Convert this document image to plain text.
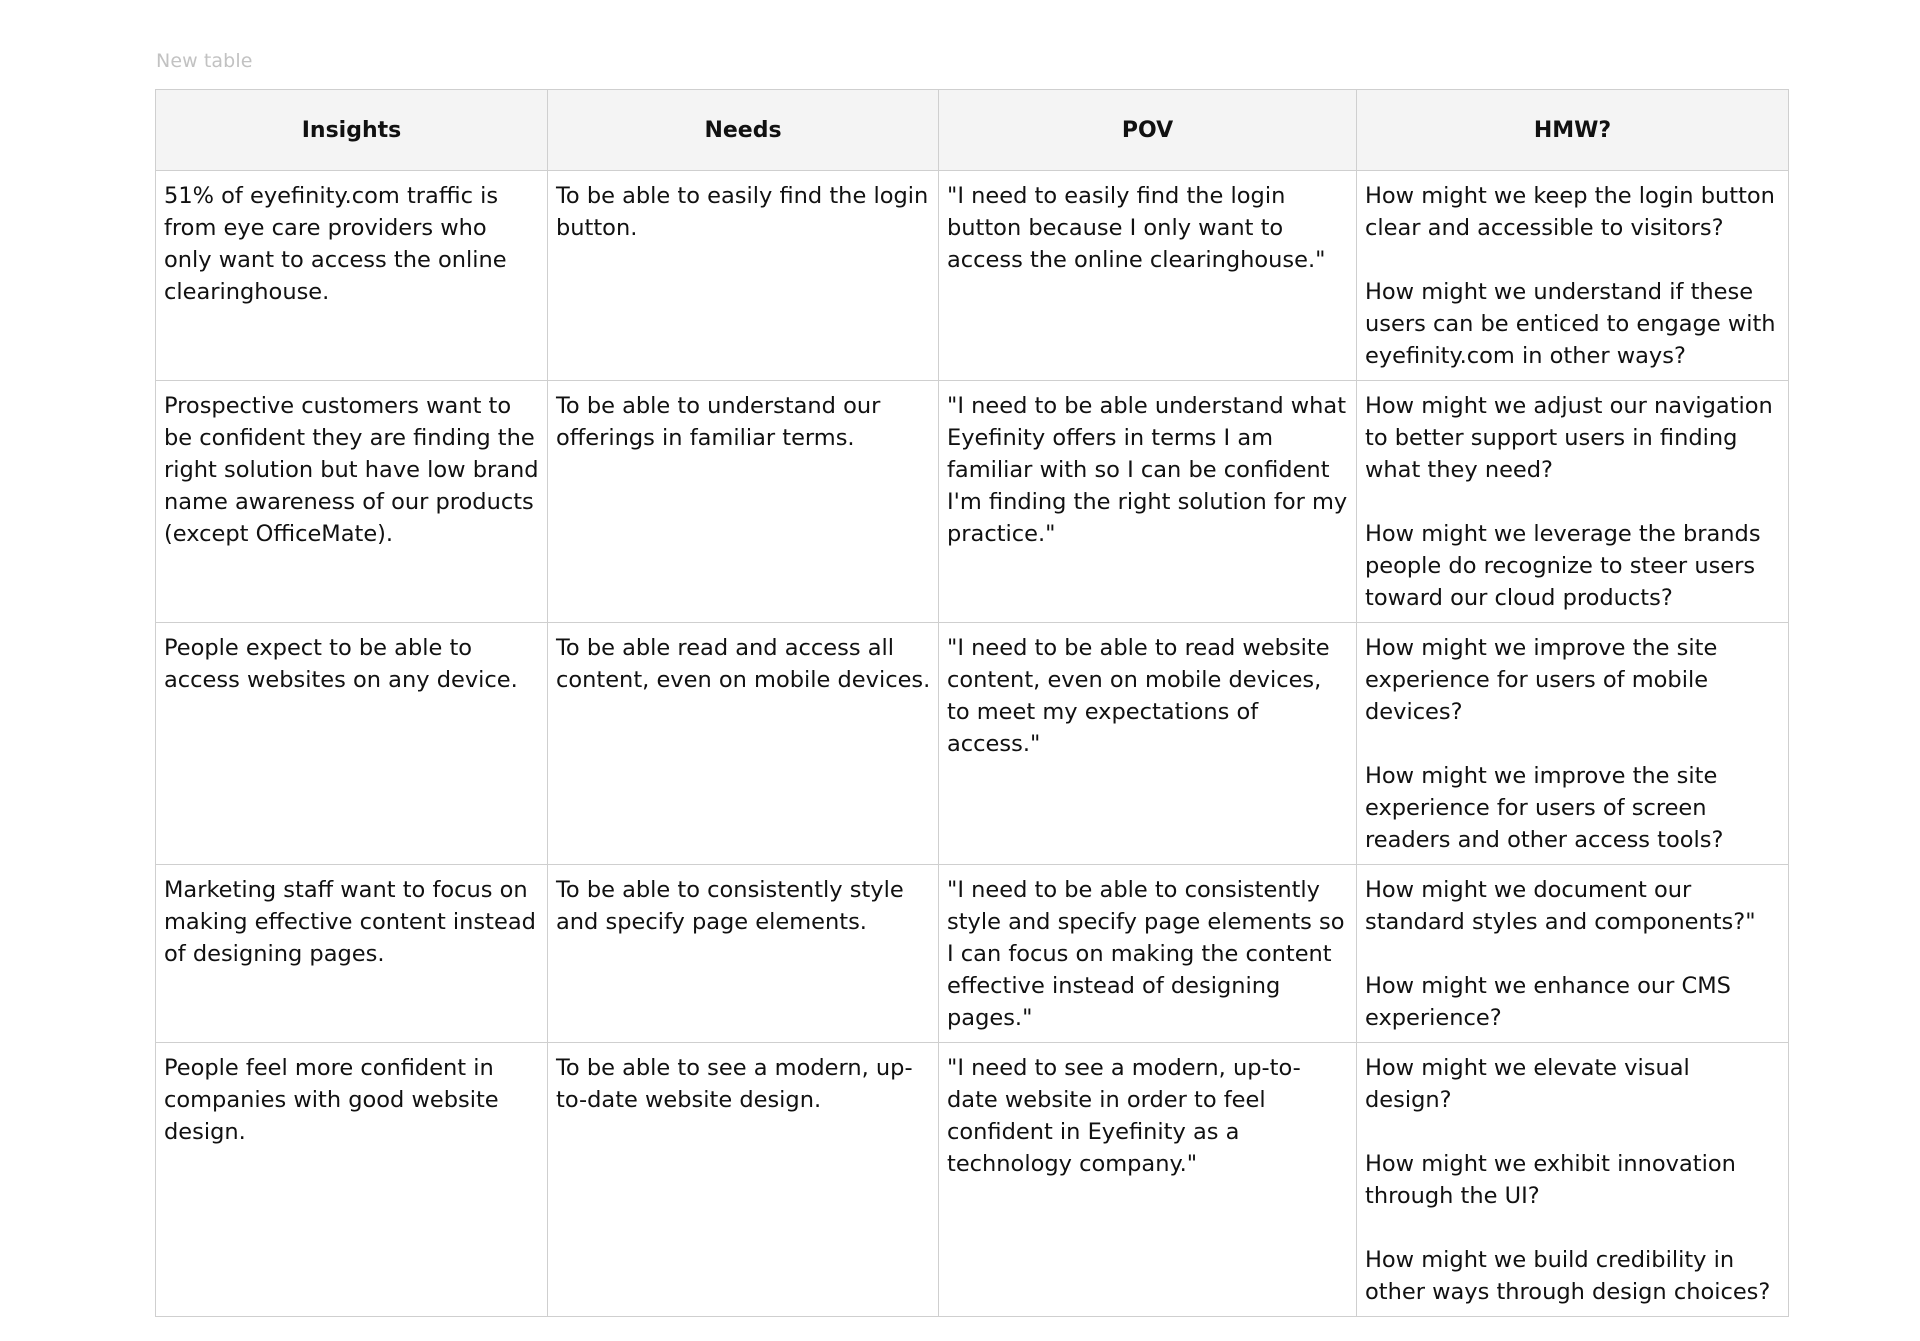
New table
Insights	Needs	POV	HMW?
51% of eyefinity.com traffic is from eye care providers who only want to access the online clearinghouse.	To be able to easily find the login button.	"I need to easily find the login button because I only want to access the online clearinghouse."	How might we keep the login button clear and accessible to visitors?

How might we understand if these users can be enticed to engage with eyefinity.com in other ways?

Prospective customers want to be confident they are finding the right solution but have low brand name awareness of our products (except OfficeMate).	To be able to understand our offerings in familiar terms.	"I need to be able understand what Eyefinity offers in terms I am familiar with so I can be confident I'm finding the right solution for my practice."	How might we adjust our navigation to better support users in finding what they need?

How might we leverage the brands people do recognize to steer users toward our cloud products?

People expect to be able to access websites on any device.	To be able read and access all content, even on mobile devices.	"I need to be able to read website content, even on mobile devices, to meet my expectations of access."	How might we improve the site experience for users of mobile devices?

How might we improve the site experience for users of screen readers and other access tools?

Marketing staff want to focus on making effective content instead of designing pages.	To be able to consistently style and specify page elements.	"I need to be able to consistently style and specify page elements so I can focus on making the content effective instead of designing pages."	How might we document our standard styles and components?"

How might we enhance our CMS experience?

People feel more confident in companies with good website design.	To be able to see a modern, up-to-date website design.	"I need to see a modern, up-to-date website in order to feel confident in Eyefinity as a technology company."	How might we elevate visual design?

How might we exhibit innovation through the UI?

How might we build credibility in other ways through design choices?
